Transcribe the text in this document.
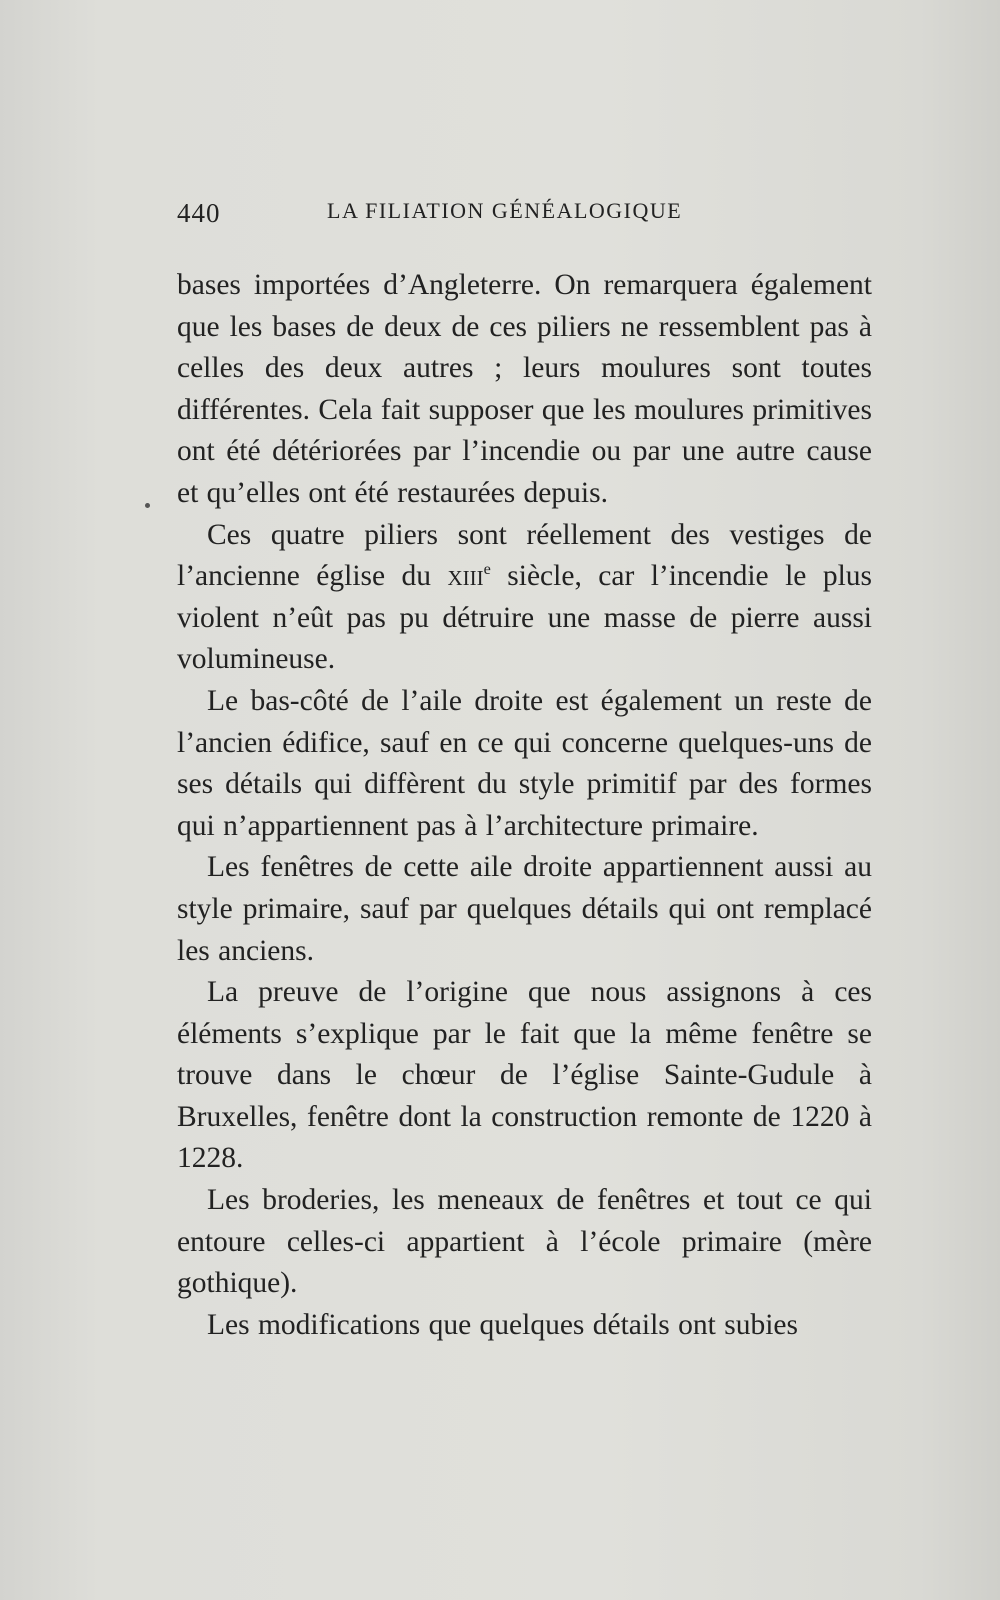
440	LA FILIATION GÉNÉALOGIQUE

bases importées d’Angleterre. On remarquera également que les bases de deux de ces piliers ne ressemblent pas à celles des deux autres ; leurs moulures sont toutes différentes. Cela fait supposer que les moulures primitives ont été détériorées par l’incendie ou par une autre cause et qu’elles ont été restaurées depuis.

Ces quatre piliers sont réellement des vestiges de l’ancienne église du xiii$^e$ siècle, car l’incendie le plus violent n’eût pas pu détruire une masse de pierre aussi volumineuse.

Le bas-côté de l’aile droite est également un reste de l’ancien édifice, sauf en ce qui concerne quelques-uns de ses détails qui diffèrent du style primitif par des formes qui n’appartiennent pas à l’architecture primaire.

Les fenêtres de cette aile droite appartiennent aussi au style primaire, sauf par quelques détails qui ont remplacé les anciens.

La preuve de l’origine que nous assignons à ces éléments s’explique par le fait que la même fenêtre se trouve dans le chœur de l’église Sainte-Gudule à Bruxelles, fenêtre dont la construction remonte de 1220 à 1228.

Les broderies, les meneaux de fenêtres et tout ce qui entoure celles-ci appartient à l’école primaire (mère gothique).

Les modifications que quelques détails ont subies
